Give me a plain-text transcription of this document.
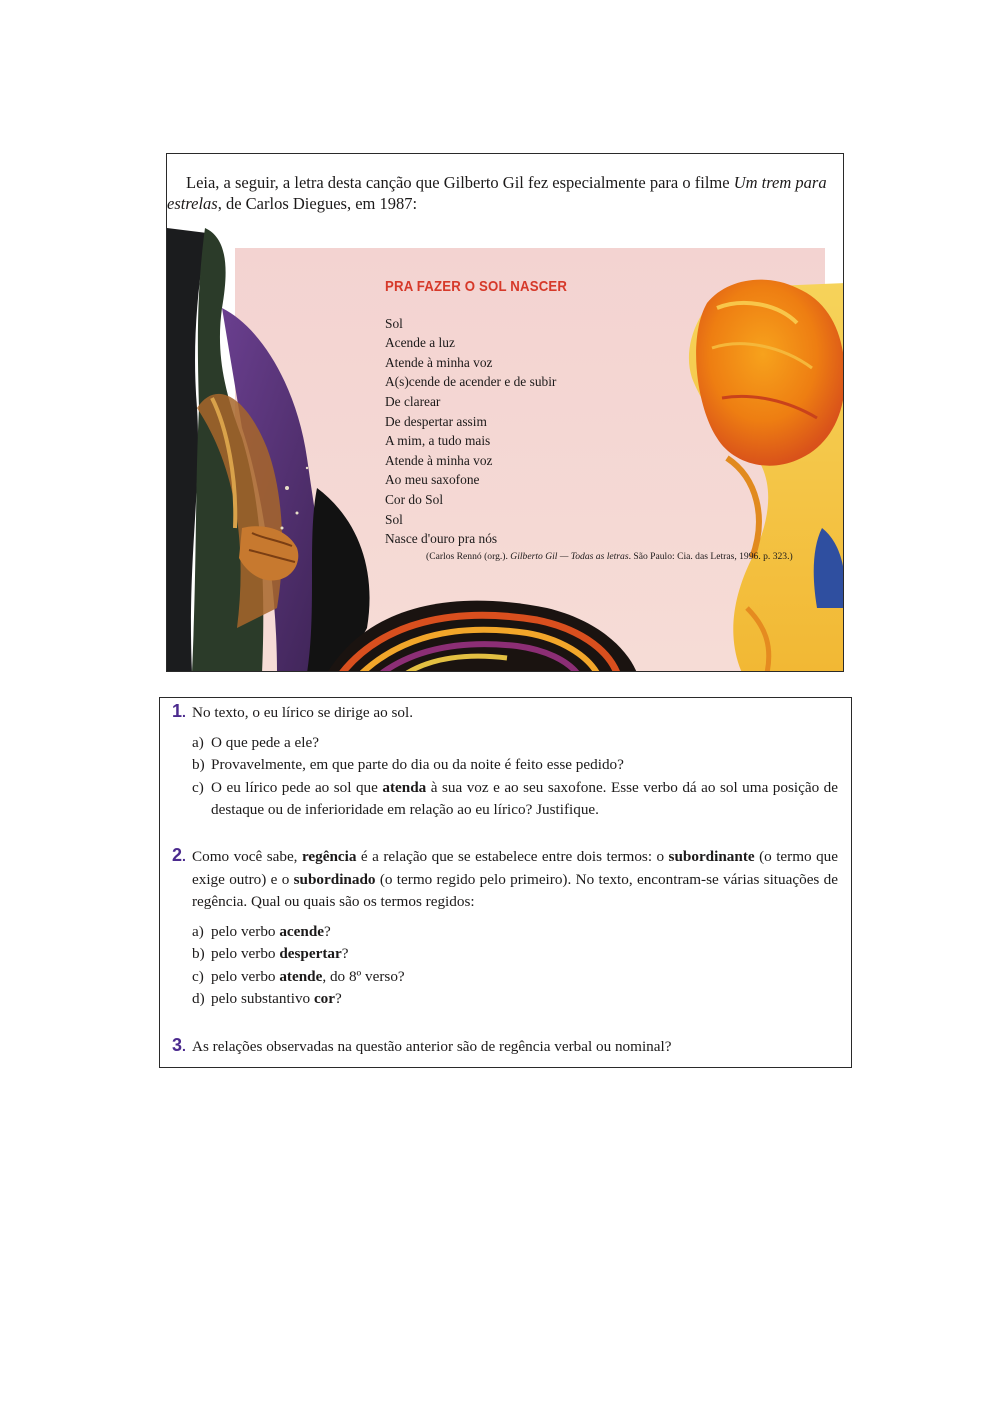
Leia, a seguir, a letra desta canção que Gilberto Gil fez especialmente para o filme Um trem para estrelas, de Carlos Diegues, em 1987:

PRA FAZER O SOL NASCER
Sol
Acende a luz
Atende à minha voz
A(s)cende de acender e de subir
De clarear
De despertar assim
A mim, a tudo mais
Atende à minha voz
Ao meu saxofone
Cor do Sol
Sol
Nasce d'ouro pra nós
(Carlos Rennó (org.). Gilberto Gil — Todas as letras. São Paulo: Cia. das Letras, 1996. p. 323.)
1. No texto, o eu lírico se dirige ao sol.
a) O que pede a ele?
b) Provavelmente, em que parte do dia ou da noite é feito esse pedido?
c) O eu lírico pede ao sol que atenda à sua voz e ao seu saxofone. Esse verbo dá ao sol uma posição de destaque ou de inferioridade em relação ao eu lírico? Justifique.
2. Como você sabe, regência é a relação que se estabelece entre dois termos: o subordinante (o termo que exige outro) e o subordinado (o termo regido pelo primeiro). No texto, encontram-se várias situações de regência. Qual ou quais são os termos regidos:
a) pelo verbo acende?
b) pelo verbo despertar?
c) pelo verbo atende, do 8º verso?
d) pelo substantivo cor?
3. As relações observadas na questão anterior são de regência verbal ou nominal?
